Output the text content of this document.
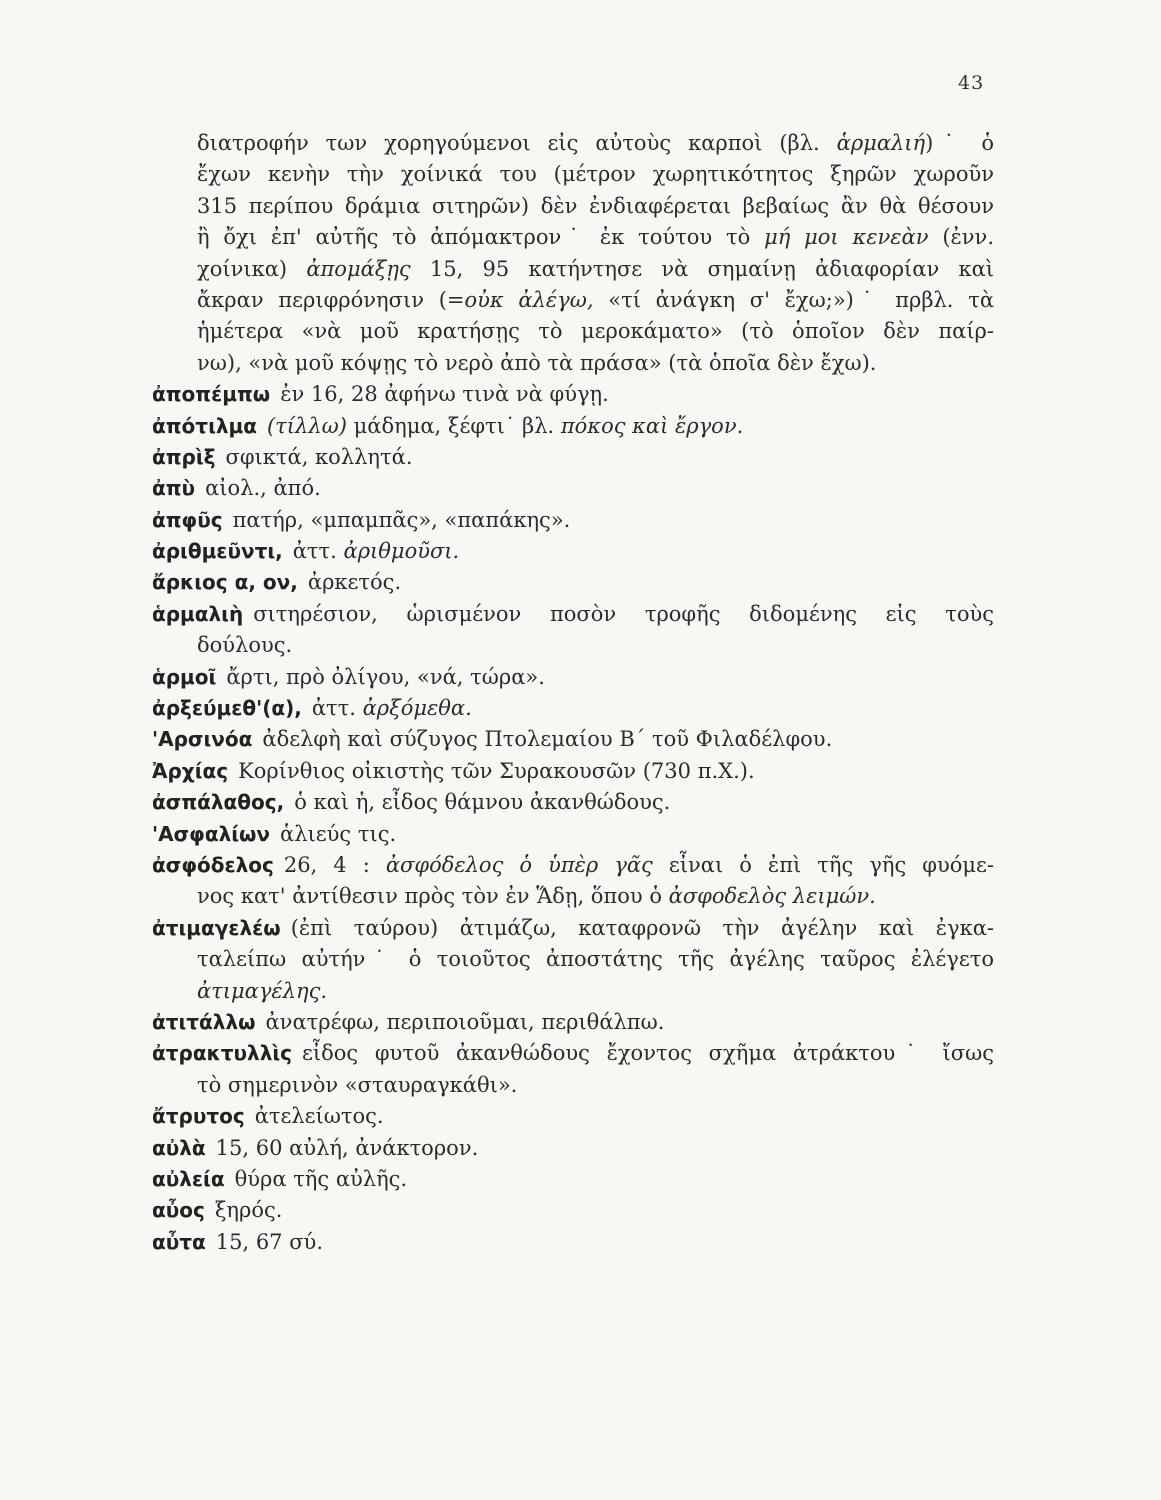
43
διατροφήν των χορηγούμενοι εἰς αὐτοὺς καρποὶ (βλ. ἁρμαλιή)˙ ὁ
ἔχων κενὴν τὴν χοίνικά του (μέτρον χωρητικότητος ξηρῶν χωροῦν
315 περίπου δράμια σιτηρῶν) δὲν ἐνδιαφέρεται βεβαίως ἂν θὰ θέσουν
ἢ ὄχι ἐπ' αὐτῆς τὸ ἀπόμακτρον˙ ἐκ τούτου τὸ μή μοι κενεὰν (ἐνν.
χοίνικα) ἀπομάξῃς 15, 95 κατήντησε νὰ σημαίνῃ ἀδιαφορίαν καὶ
ἄκραν περιφρόνησιν (=οὐκ ἀλέγω, «τί ἀνάγκη σ' ἔχω;»)˙ πρβλ. τὰ
ἡμέτερα «νὰ μοῦ κρατήσῃς τὸ μεροκάματο» (τὸ ὁποῖον δὲν παίρ-
νω), «νὰ μοῦ κόψῃς τὸ νερὸ ἀπὸ τὰ πράσα» (τὰ ὁποῖα δὲν ἔχω).
ἀποπέμπω ἐν 16, 28 ἀφήνω τινὰ νὰ φύγῃ.
ἀπότιλμα (τίλλω) μάδημα, ξέφτι˙ βλ. πόκος καὶ ἔργον.
ἀπρὶξ σφικτά, κολλητά.
ἀπὺ αἰολ., ἀπό.
ἀπφῦς πατήρ, «μπαμπᾶς», «παπάκης».
ἀριθμεῦντι, ἀττ. ἀριθμοῦσι.
ἄρκιος α, ον, ἀρκετός.
ἁρμαλιὴ σιτηρέσιον, ὡρισμένον ποσὸν τροφῆς διδομένης εἰς τοὺς
δούλους.
ἁρμοῖ ἄρτι, πρὸ ὀλίγου, «νά, τώρα».
ἀρξεύμεθ'(α), ἀττ. ἀρξόμεθα.
'Αρσινόα ἀδελφὴ καὶ σύζυγος Πτολεμαίου Β΄ τοῦ Φιλαδέλφου.
Ἀρχίας Κορίνθιος οἰκιστὴς τῶν Συρακουσῶν (730 π.Χ.).
ἀσπάλαθος, ὁ καὶ ἡ, εἶδος θάμνου ἀκανθώδους.
'Ασφαλίων ἁλιεύς τις.
ἀσφόδελος 26, 4 : ἀσφόδελος ὁ ὑπὲρ γᾶς εἶναι ὁ ἐπὶ τῆς γῆς φυόμε-
νος κατ' ἀντίθεσιν πρὸς τὸν ἐν Ἅδῃ, ὅπου ὁ ἀσφοδελὸς λειμών.
ἀτιμαγελέω (ἐπὶ ταύρου) ἀτιμάζω, καταφρονῶ τὴν ἀγέλην καὶ ἐγκα-
ταλείπω αὐτήν˙ ὁ τοιοῦτος ἀποστάτης τῆς ἀγέλης ταῦρος ἐλέγετο
ἀτιμαγέλης.
ἀτιτάλλω ἀνατρέφω, περιποιοῦμαι, περιθάλπω.
ἀτρακτυλλὶς εἶδος φυτοῦ ἀκανθώδους ἔχοντος σχῆμα ἀτράκτου˙ ἴσως
τὸ σημερινὸν «σταυραγκάθι».
ἄτρυτος ἀτελείωτος.
αὐλὰ 15, 60 αὐλή, ἀνάκτορον.
αὐλεία θύρα τῆς αὐλῆς.
αὖος ξηρός.
αὖτα 15, 67 σύ.
